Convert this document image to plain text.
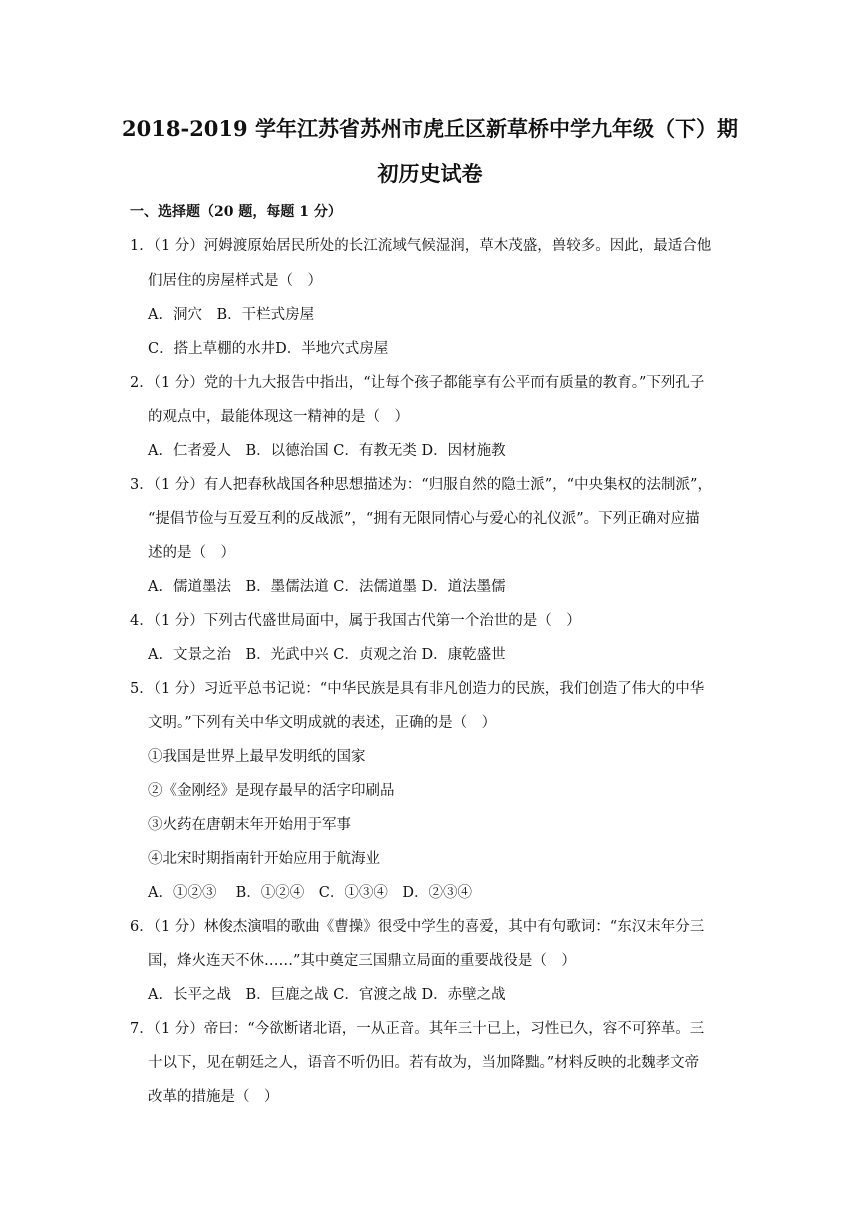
2018-2019 学年江苏省苏州市虎丘区新草桥中学九年级（下）期
初历史试卷
一、选择题（20 题，每题 1 分）
1．（1 分）河姆渡原始居民所处的长江流域气候湿润，草木茂盛，兽较多。因此，最适合他
们居住的房屋样式是（　）
A．洞穴　B．干栏式房屋
C．搭上草棚的水井D．半地穴式房屋
2．（1 分）党的十九大报告中指出，“让每个孩子都能享有公平而有质量的教育。”下列孔子
的观点中，最能体现这一精神的是（　）
A．仁者爱人　B．以德治国 C．有教无类 D．因材施教
3．（1 分）有人把春秋战国各种思想描述为：“归服自然的隐士派”，“中央集权的法制派”，
“提倡节俭与互爱互利的反战派”，“拥有无限同情心与爱心的礼仪派”。下列正确对应描
述的是（　）
A．儒道墨法　B．墨儒法道 C．法儒道墨 D．道法墨儒
4．（1 分）下列古代盛世局面中，属于我国古代第一个治世的是（　）
A．文景之治　B．光武中兴 C．贞观之治 D．康乾盛世
5．（1 分）习近平总书记说：“中华民族是具有非凡创造力的民族，我们创造了伟大的中华
文明。”下列有关中华文明成就的表述，正确的是（　）
①我国是世界上最早发明纸的国家
②《金刚经》是现存最早的活字印刷品
③火药在唐朝末年开始用于军事
④北宋时期指南针开始应用于航海业
A．①②③　 B．①②④　C．①③④　D．②③④
6．（1 分）林俊杰演唱的歌曲《曹操》很受中学生的喜爱，其中有句歌词：“东汉末年分三
国，烽火连天不休……”其中奠定三国鼎立局面的重要战役是（　）
A．长平之战　B．巨鹿之战 C．官渡之战 D．赤壁之战
7．（1 分）帝曰：“今欲断诸北语，一从正音。其年三十已上，习性已久，容不可猝革。三
十以下，见在朝廷之人，语音不听仍旧。若有故为，当加降黜。”材料反映的北魏孝文帝
改革的措施是（　）
